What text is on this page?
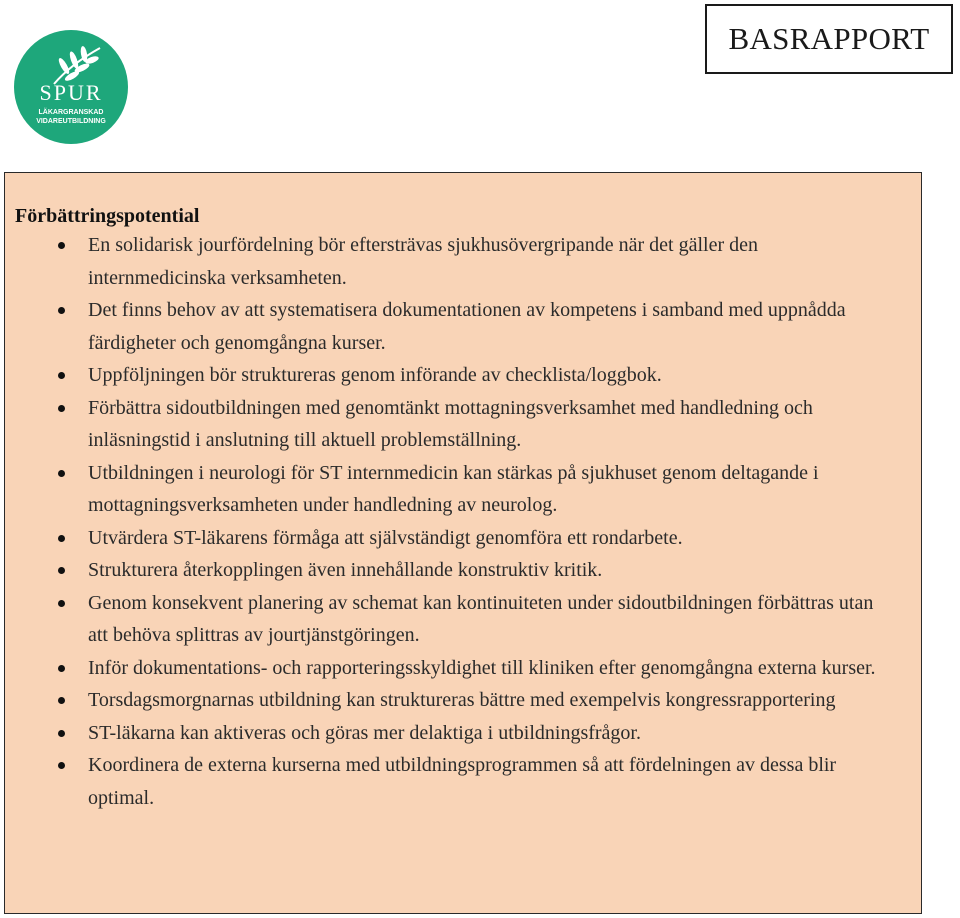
SPUR
LÄKARGRANSKAD
VIDAREUTBILDNING
BASRAPPORT

Förbättringspotential

En solidarisk jourfördelning bör eftersträvas sjukhusövergripande när det gäller den internmedicinska verksamheten.
Det finns behov av att systematisera dokumentationen av kompetens i samband med uppnådda färdigheter och genomgångna kurser.
Uppföljningen bör struktureras genom införande av checklista/loggbok.
Förbättra sidoutbildningen med genomtänkt mottagningsverksamhet med handledning och inläsningstid i anslutning till aktuell problemställning.
Utbildningen i neurologi för ST internmedicin kan stärkas på sjukhuset genom deltagande i mottagningsverksamheten under handledning av neurolog.
Utvärdera ST-läkarens förmåga att självständigt genomföra ett rondarbete.
Strukturera återkopplingen även innehållande konstruktiv kritik.
Genom konsekvent planering av schemat kan kontinuiteten under sidoutbildningen förbättras utan att behöva splittras av jourtjänstgöringen.
Inför dokumentations- och rapporteringsskyldighet till kliniken efter genomgångna externa kurser.
Torsdagsmorgnarnas utbildning kan struktureras bättre med exempelvis kongressrapportering
ST-läkarna kan aktiveras och göras mer delaktiga i utbildningsfrågor.
Koordinera de externa kurserna med utbildningsprogrammen så att fördelningen av dessa blir optimal.
